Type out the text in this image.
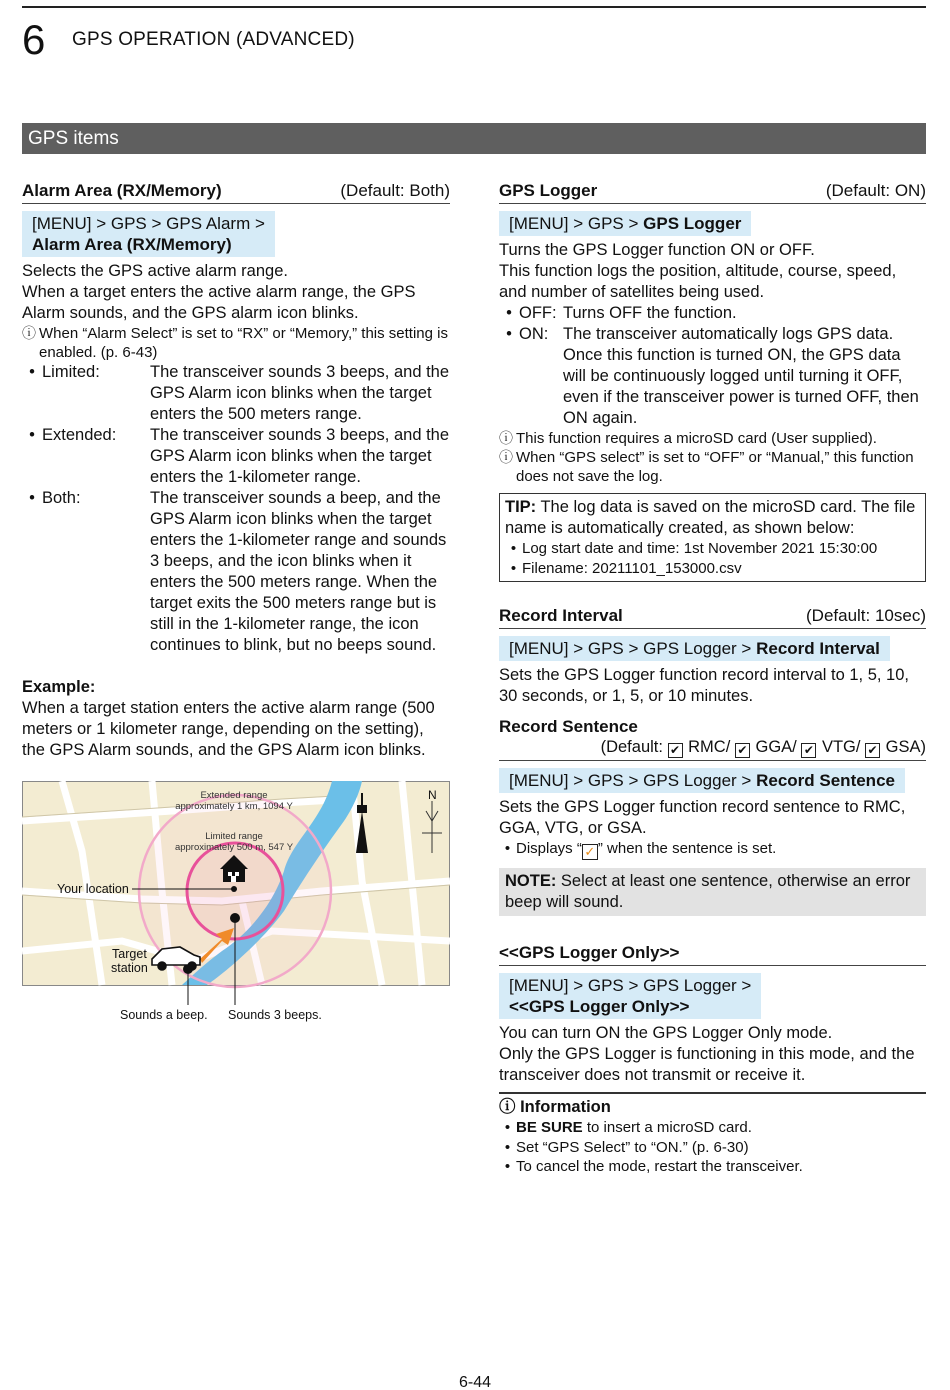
6 GPS OPERATION (ADVANCED)
GPS items
Alarm Area (RX/Memory)	(Default: Both)
[MENU] > GPS > GPS Alarm >
Alarm Area (RX/Memory)

Selects the GPS active alarm range.

When a target enters the active alarm range, the GPS Alarm sounds, and the GPS alarm icon blinks.

ⓘ When “Alarm Select” is set to “RX” or “Memory,” this setting is enabled. (p. 6-43)
• Limited:	The transceiver sounds 3 beeps, and the GPS Alarm icon blinks when the target enters the 500 meters range.
• Extended:	The transceiver sounds 3 beeps, and the GPS Alarm icon blinks when the target enters the 1-kilometer range.
• Both:	The transceiver sounds a beep, and the GPS Alarm icon blinks when the target enters the 1-kilometer range and sounds 3 beeps, and the icon blinks when it enters the 500 meters range. When the target exits the 500 meters range but is still in the 1-kilometer range, the icon continues to blink, but no beeps sound.

Example:

When a target station enters the active alarm range (500 meters or 1 kilometer range, depending on the setting), the GPS Alarm sounds, and the GPS Alarm icon blinks.

Extended range
approximately 1 km, 1094 Y
Limited range
approximately 500 m, 547 Y
Your location
Target
station
N
Sounds a beep. Sounds 3 beeps.
GPS Logger	(Default: ON)
[MENU] > GPS > GPS Logger

Turns the GPS Logger function ON or OFF.

This function logs the position, altitude, course, speed, and number of satellites being used.

• OFF: Turns OFF the function.
• ON: The transceiver automatically logs GPS data. Once this function is turned ON, the GPS data will be continuously logged until turning it OFF, even if the transceiver power is turned OFF, then ON again.
ⓘ This function requires a microSD card (User supplied).
ⓘ When “GPS select” is set to “OFF” or “Manual,” this function does not save the log.

TIP: The log data is saved on the microSD card. The file name is automatically created, as shown below:

• Log start date and time: 1st November 2021 15:30:00
• Filename: 20211101_153000.csv
Record Interval	(Default: 10sec)
[MENU] > GPS > GPS Logger > Record Interval

Sets the GPS Logger function record interval to 1, 5, 10, 30 seconds, or 1, 5, or 10 minutes.

Record Sentence
(Default: ✔ RMC/ ✔ GGA/ ✔ VTG/ ✔ GSA)
[MENU] > GPS > GPS Logger > Record Sentence

Sets the GPS Logger function record sentence to RMC, GGA, VTG, or GSA.

• Displays “ ✓ ” when the sentence is set.

NOTE: Select at least one sentence, otherwise an error beep will sound.

<<GPS Logger Only>>
[MENU] > GPS > GPS Logger >
<<GPS Logger Only>>

You can turn ON the GPS Logger Only mode.

Only the GPS Logger is functioning in this mode, and the transceiver does not transmit or receive it.

ⓘ Information

• BE SURE to insert a microSD card.
• Set “GPS Select” to “ON.” (p. 6-30)
• To cancel the mode, restart the transceiver.
6-44
